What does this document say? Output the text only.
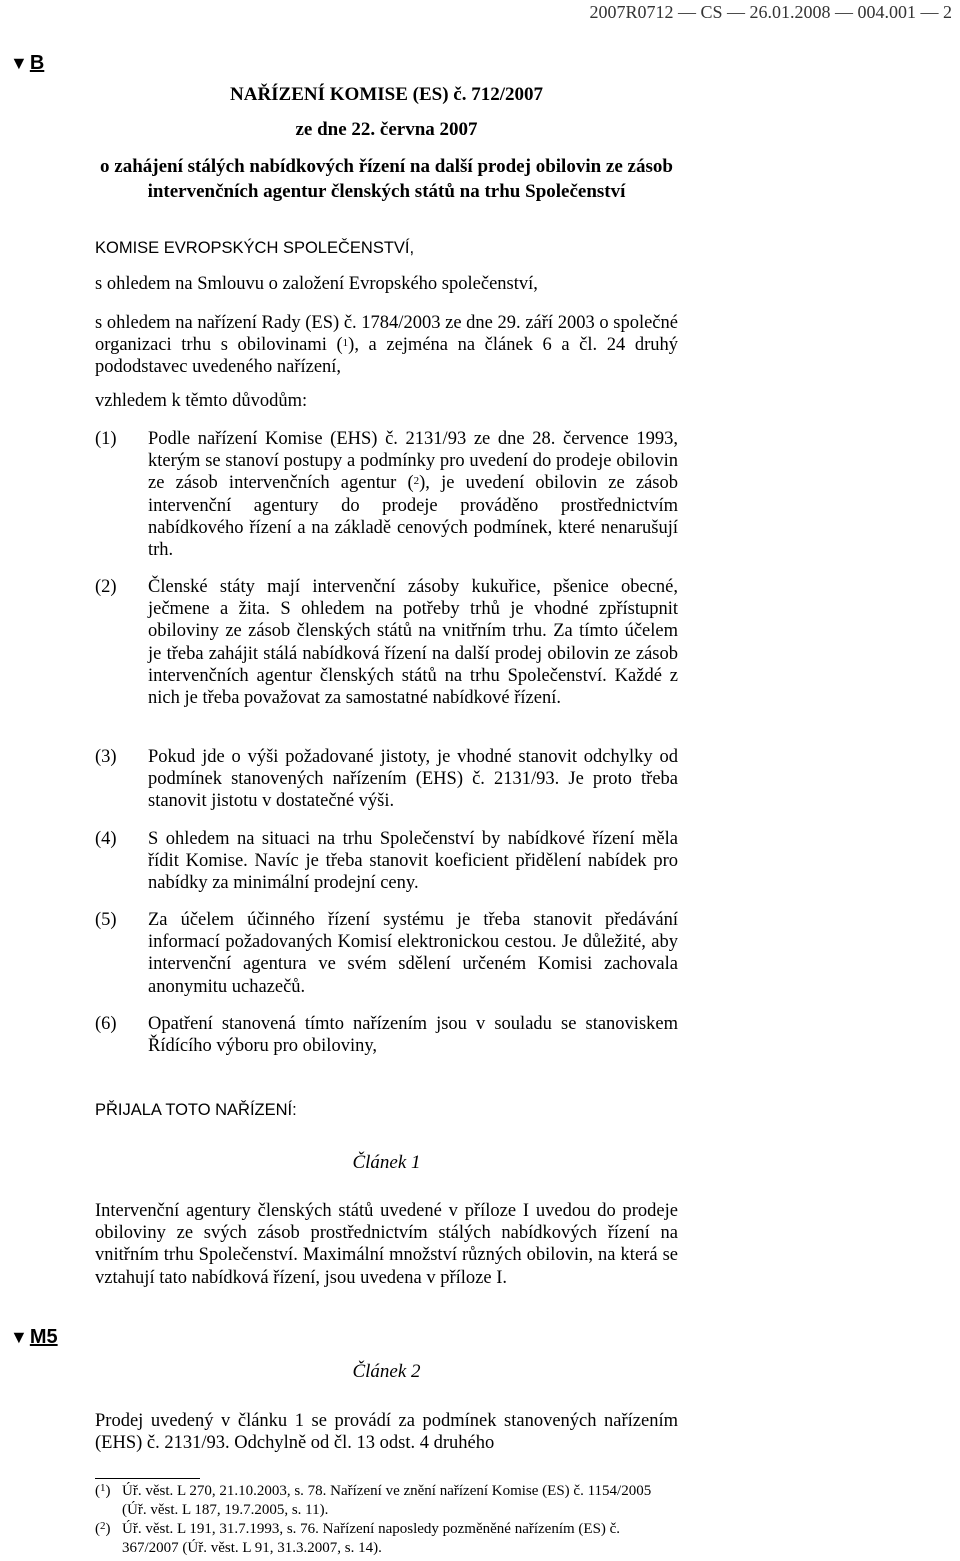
2007R0712 — CS — 26.01.2008 — 004.001 — 2
▼ B
▼ M5
NAŘÍZENÍ KOMISE (ES) č. 712/2007
ze dne 22. června 2007
o zahájení stálých nabídkových řízení na další prodej obilovin ze zásob intervenčních agentur členských států na trhu Společenství
KOMISE EVROPSKÝCH SPOLEČENSTVÍ,
s ohledem na Smlouvu o založení Evropského společenství,
s ohledem na nařízení Rady (ES) č. 1784/2003 ze dne 29. září 2003 o společné organizaci trhu s obilovinami ($^1$), a zejména na článek 6 a čl. 24 druhý pododstavec uvedeného nařízení,
vzhledem k těmto důvodům:
(1)	Podle nařízení Komise (EHS) č. 2131/93 ze dne 28. července 1993, kterým se stanoví postupy a podmínky pro uvedení do prodeje obilovin ze zásob intervenčních agentur ($^2$), je uvedení obilovin ze zásob intervenční agentury do prodeje prováděno prostřednictvím nabídkového řízení a na základě cenových podmínek, které nenarušují trh.
(2)	Členské státy mají intervenční zásoby kukuřice, pšenice obecné, ječmene a žita. S ohledem na potřeby trhů je vhodné zpřístupnit obiloviny ze zásob členských států na vnitřním trhu. Za tímto účelem je třeba zahájit stálá nabídková řízení na další prodej obilovin ze zásob intervenčních agentur členských států na trhu Společenství. Každé z nich je třeba považovat za samostatné nabídkové řízení.
(3)	Pokud jde o výši požadované jistoty, je vhodné stanovit odchylky od podmínek stanovených nařízením (EHS) č. 2131/93. Je proto třeba stanovit jistotu v dostatečné výši.
(4)	S ohledem na situaci na trhu Společenství by nabídkové řízení měla řídit Komise. Navíc je třeba stanovit koeficient přidělení nabídek pro nabídky za minimální prodejní ceny.
(5)	Za účelem účinného řízení systému je třeba stanovit předávání informací požadovaných Komisí elektronickou cestou. Je důležité, aby intervenční agentura ve svém sdělení určeném Komisi zachovala anonymitu uchazečů.
(6)	Opatření stanovená tímto nařízením jsou v souladu se stanoviskem Řídícího výboru pro obiloviny,
PŘIJALA TOTO NAŘÍZENÍ:
Článek 1
Intervenční agentury členských států uvedené v příloze I uvedou do prodeje obiloviny ze svých zásob prostřednictvím stálých nabídkových řízení na vnitřním trhu Společenství. Maximální množství různých obilovin, na která se vztahují tato nabídková řízení, jsou uvedena v příloze I.
Článek 2
Prodej uvedený v článku 1 se provádí za podmínek stanovených nařízením (EHS) č. 2131/93. Odchylně od čl. 13 odst. 4 druhého
($^1$) Úř. věst. L 270, 21.10.2003, s. 78. Nařízení ve znění nařízení Komise (ES) č. 1154/2005 (Úř. věst. L 187, 19.7.2005, s. 11).
($^2$) Úř. věst. L 191, 31.7.1993, s. 76. Nařízení naposledy pozměněné nařízením (ES) č. 367/2007 (Úř. věst. L 91, 31.3.2007, s. 14).
